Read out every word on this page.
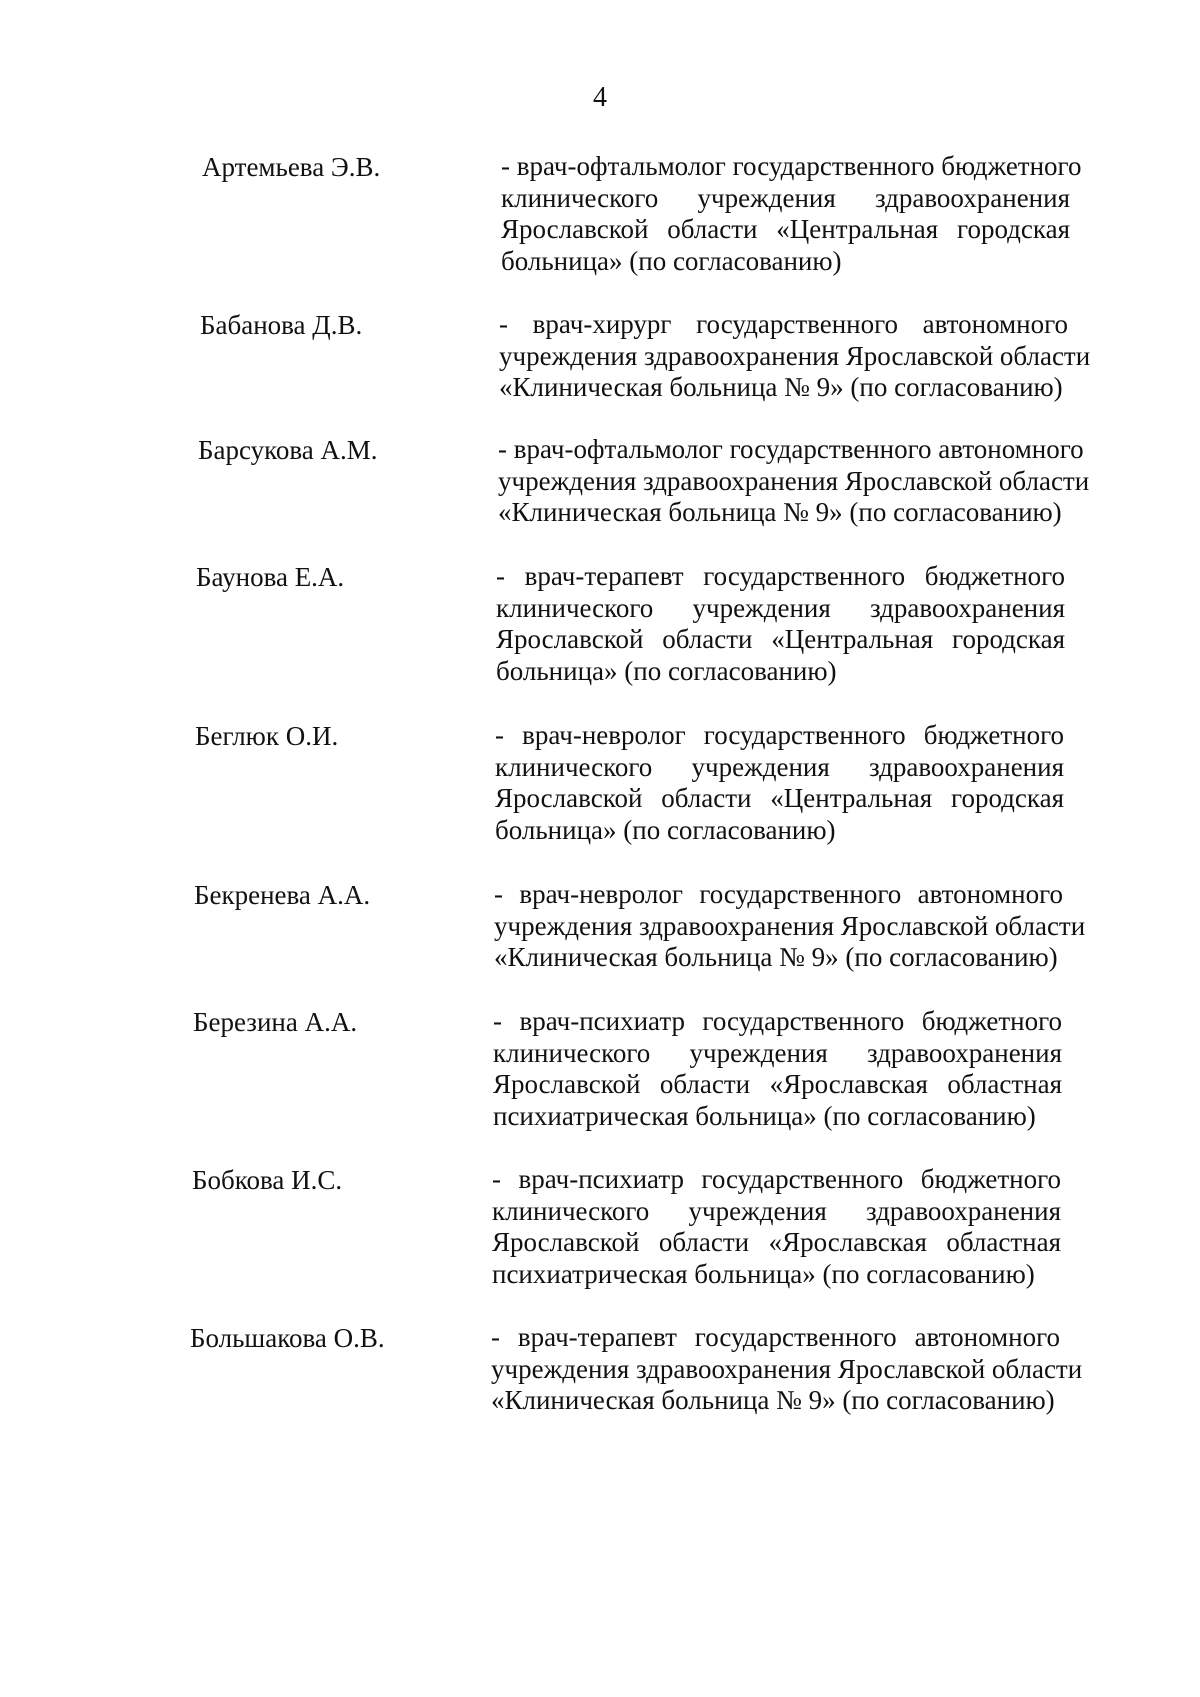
4
Артемьева Э.В.	- врач-офтальмолог государственного бюджетного
клинического учреждения здравоохранения
Ярославской области «Центральная городская
больница» (по согласованию)
Бабанова Д.В.	- врач-хирург государственного автономного
учреждения здравоохранения Ярославской области
«Клиническая больница № 9» (по согласованию)
Барсукова А.М.	- врач-офтальмолог государственного автономного
учреждения здравоохранения Ярославской области
«Клиническая больница № 9» (по согласованию)
Баунова Е.А.	- врач-терапевт государственного бюджетного
клинического учреждения здравоохранения
Ярославской области «Центральная городская
больница» (по согласованию)
Беглюк О.И.	- врач-невролог государственного бюджетного
клинического учреждения здравоохранения
Ярославской области «Центральная городская
больница» (по согласованию)
Бекренева А.А.	- врач-невролог государственного автономного
учреждения здравоохранения Ярославской области
«Клиническая больница № 9» (по согласованию)
Березина А.А.	- врач-психиатр государственного бюджетного
клинического учреждения здравоохранения
Ярославской области «Ярославская областная
психиатрическая больница» (по согласованию)
Бобкова И.С.	- врач-психиатр государственного бюджетного
клинического учреждения здравоохранения
Ярославской области «Ярославская областная
психиатрическая больница» (по согласованию)
Большакова О.В.	- врач-терапевт государственного автономного
учреждения здравоохранения Ярославской области
«Клиническая больница № 9» (по согласованию)
